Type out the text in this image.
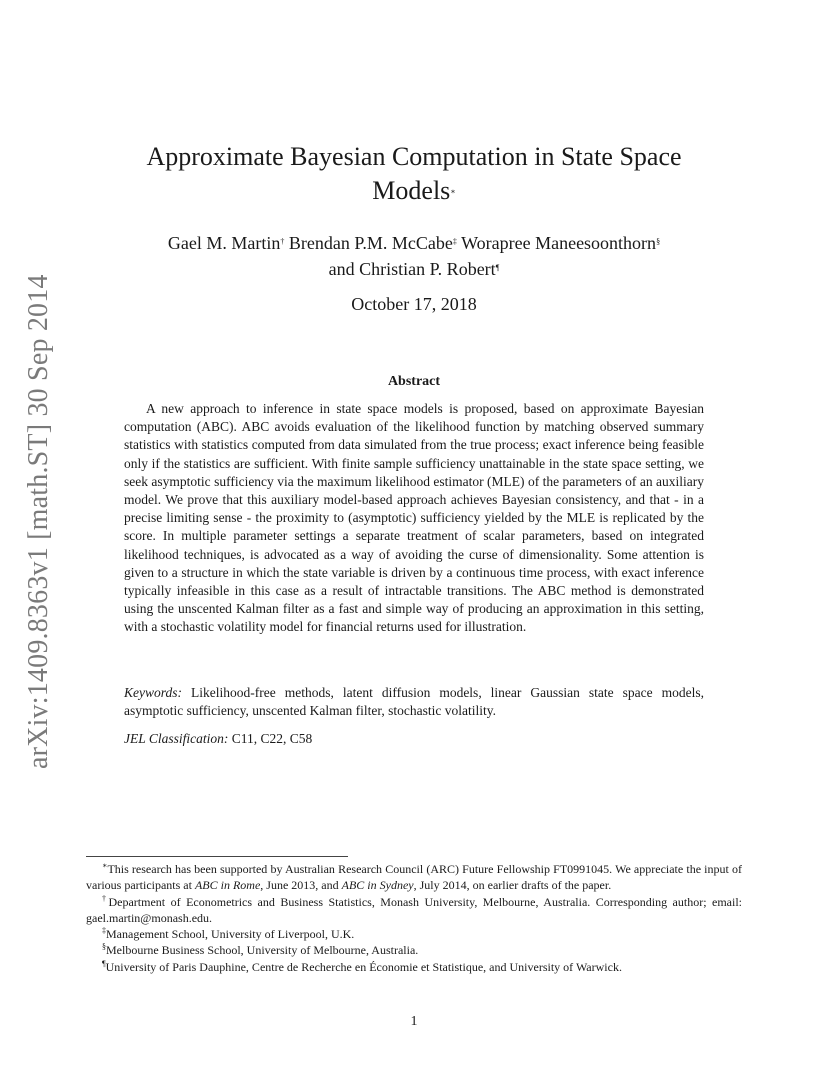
arXiv:1409.8363v1 [math.ST] 30 Sep 2014
Approximate Bayesian Computation in State Space
Models∗
Gael M. Martin† Brendan P.M. McCabe‡ Worapree Maneesoonthorn§
and Christian P. Robert¶
October 17, 2018
Abstract

A new approach to inference in state space models is proposed, based on approximate Bayesian computation (ABC). ABC avoids evaluation of the likelihood function by matching observed summary statistics with statistics computed from data simulated from the true process; exact inference being feasible only if the statistics are sufficient. With finite sample sufficiency unattainable in the state space setting, we seek asymptotic sufficiency via the maximum likelihood estimator (MLE) of the parameters of an auxiliary model. We prove that this auxiliary model-based approach achieves Bayesian consistency, and that - in a precise limiting sense - the proximity to (asymptotic) sufficiency yielded by the MLE is replicated by the score. In multiple parameter settings a separate treatment of scalar parameters, based on integrated likelihood techniques, is advocated as a way of avoiding the curse of dimensionality. Some attention is given to a structure in which the state variable is driven by a continuous time process, with exact inference typically infeasible in this case as a result of intractable transitions. The ABC method is demonstrated using the unscented Kalman filter as a fast and simple way of producing an approximation in this setting, with a stochastic volatility model for financial returns used for illustration.

Keywords: Likelihood-free methods, latent diffusion models, linear Gaussian state space models, asymptotic sufficiency, unscented Kalman filter, stochastic volatility.

JEL Classification: C11, C22, C58

∗This research has been supported by Australian Research Council (ARC) Future Fellowship FT0991045. We appreciate the input of various participants at ABC in Rome, June 2013, and ABC in Sydney, July 2014, on earlier drafts of the paper.

†Department of Econometrics and Business Statistics, Monash University, Melbourne, Australia. Corresponding author; email: gael.martin@monash.edu.

‡Management School, University of Liverpool, U.K.

§Melbourne Business School, University of Melbourne, Australia.

¶University of Paris Dauphine, Centre de Recherche en Économie et Statistique, and University of Warwick.

1
